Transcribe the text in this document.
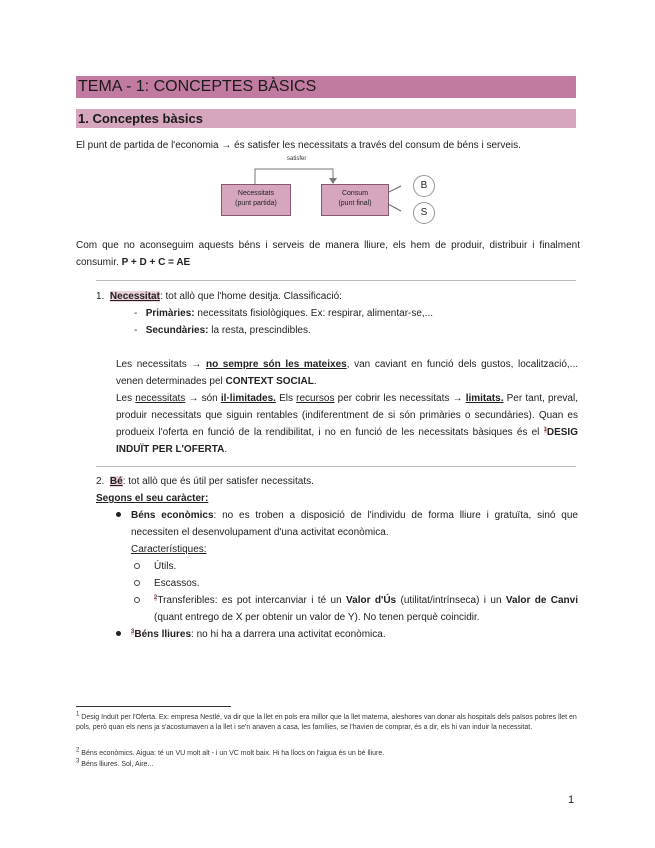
TEMA - 1: CONCEPTES BÀSICS
1. Conceptes bàsics
El punt de partida de l'economia → és satisfer les necessitats a través del consum de béns i serveis.
satisfer
Necessitats
(punt partida)
Consum
(punt final)
B
S
Com que no aconseguim aquests béns i serveis de manera lliure, els hem de produir, distribuir i finalment consumir. P + D + C = AE
1. Necessitat: tot allò que l'home desitja. Classificació:
- Primàries: necessitats fisiològiques. Ex: respirar, alimentar-se,...
- Secundàries: la resta, prescindibles.
Les necessitats → no sempre són les mateixes, van caviant en funció dels gustos, localització,... venen determinades pel CONTEXT SOCIAL.
Les necessitats → són il·limitades. Els recursos per cobrir les necessitats → limitats. Per tant, preval, produir necessitats que siguin rentables (indiferentment de si són primàries o secundàries). Quan es produeix l'oferta en funció de la rendibilitat, i no en funció de les necessitats bàsiques és el $^1$DESIG INDUÏT PER L'OFERTA.
2. Bé: tot allò que és útil per satisfer necessitats.
Segons el seu caràcter:
Béns econòmics: no es troben a disposició de l'individu de forma lliure i gratuïta, sinó que necessiten el desenvolupament d'una activitat econòmica.
Característiques:
Útils.
Escassos.
$^2$Transferibles: es pot intercanviar i té un Valor d'Ús (utilitat/intrínseca) i un Valor de Canvi (quant entrego de X per obtenir un valor de Y). No tenen perquè coincidir.
$^3$Béns lliures: no hi ha a darrera una activitat econòmica.
$^1$ Desig Induït per l'Oferta. Ex: empresa Nestlé, va dir que la llet en pols era millor que la llet materna, aleshores van donar als hospitals dels països pobres llet en pols, però quan els nens ja s'acostumaven a la llet i se'n anaven a casa, les famílies, se l'havien de comprar, és a dir, els hi van induir la necessitat.
$^2$ Béns econòmics. Aigua: té un VU molt alt - i un VC molt baix. Hi ha llocs on l'aigua és un bé lliure.
$^3$ Béns lliures. Sol, Aire...
1
